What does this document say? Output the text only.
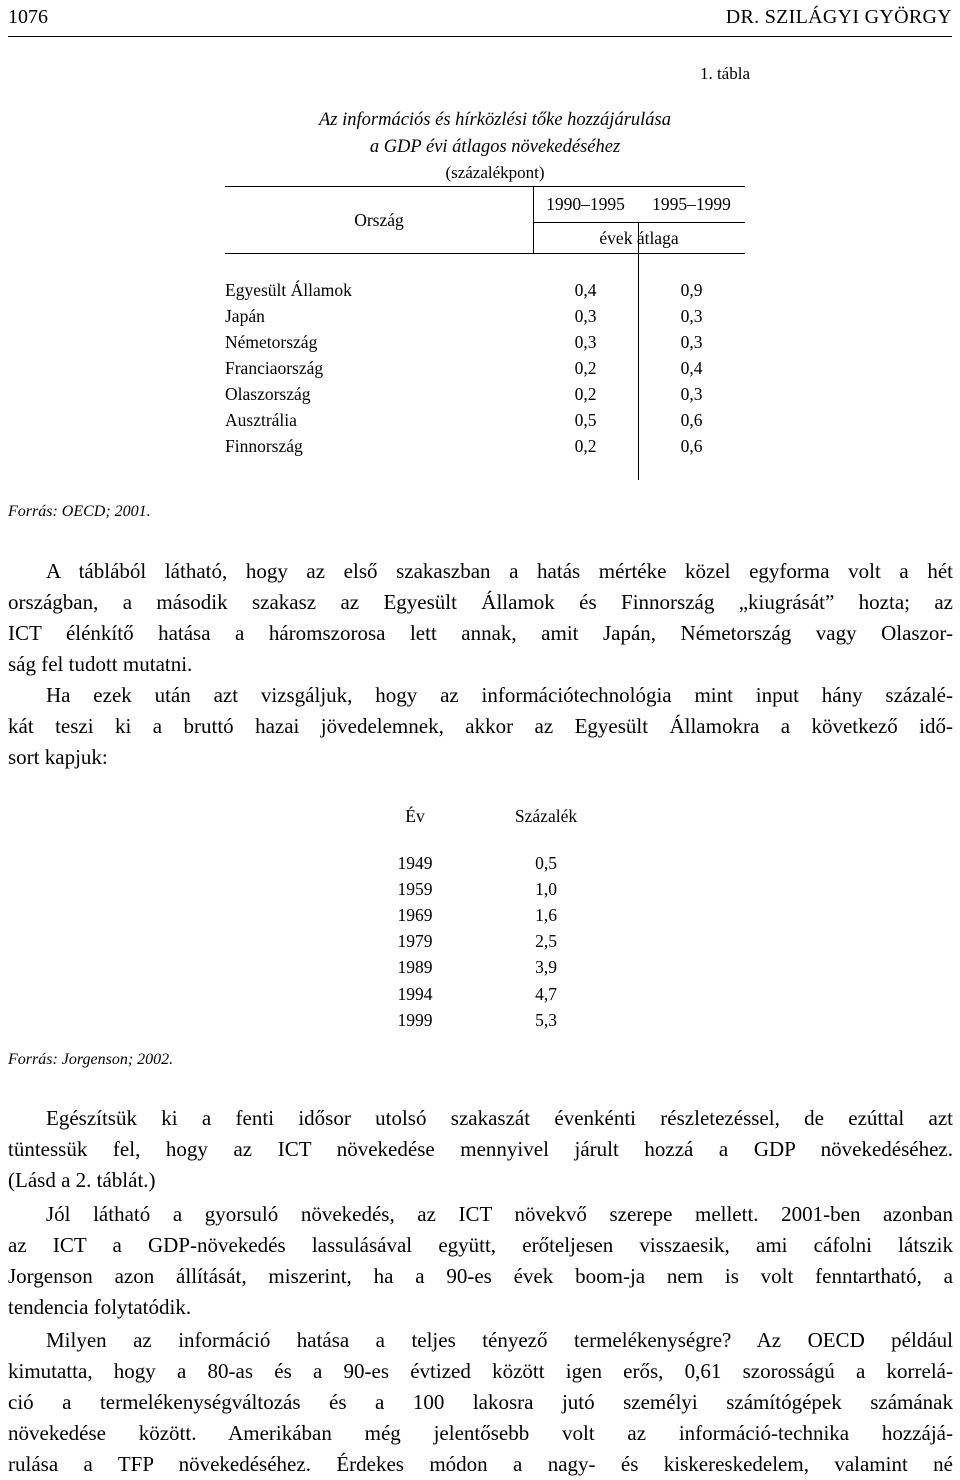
1076	DR. SZILÁGYI GYÖRGY
1. tábla
Az információs és hírközlési tőke hozzájárulása
a GDP évi átlagos növekedéséhez
(százalékpont)
Ország
1990–1995	1995–1999
évek átlaga
Egyesült Államok	0,4	0,9
Japán	0,3	0,3
Németország	0,3	0,3
Franciaország	0,2	0,4
Olaszország	0,2	0,3
Ausztrália	0,5	0,6
Finnország	0,2	0,6
Forrás: OECD; 2001.
A táblából látható, hogy az első szakaszban a hatás mértéke közel egyforma volt a hét
országban, a második szakasz az Egyesült Államok és Finnország „kiugrását” hozta; az
ICT élénkítő hatása a háromszorosa lett annak, amit Japán, Németország vagy Olaszor-
ság fel tudott mutatni.
Ha ezek után azt vizsgáljuk, hogy az információtechnológia mint input hány százalé-
kát teszi ki a bruttó hazai jövedelemnek, akkor az Egyesült Államokra a következő idő-
sort kapjuk:
Év	Százalék
1949	0,5
1959	1,0
1969	1,6
1979	2,5
1989	3,9
1994	4,7
1999	5,3
Forrás: Jorgenson; 2002.
Egészítsük ki a fenti idősor utolsó szakaszát évenkénti részletezéssel, de ezúttal azt
tüntessük fel, hogy az ICT növekedése mennyivel járult hozzá a GDP növekedéséhez.
(Lásd a 2. táblát.)
Jól látható a gyorsuló növekedés, az ICT növekvő szerepe mellett. 2001-ben azonban
az ICT a GDP-növekedés lassulásával együtt, erőteljesen visszaesik, ami cáfolni látszik
Jorgenson azon állítását, miszerint, ha a 90-es évek boom-ja nem is volt fenntartható, a
tendencia folytatódik.
Milyen az információ hatása a teljes tényező termelékenységre? Az OECD például
kimutatta, hogy a 80-as és a 90-es évtized között igen erős, 0,61 szorosságú a korrelá-
ció a termelékenységváltozás és a 100 lakosra jutó személyi számítógépek számának
növekedése között. Amerikában még jelentősebb volt az információ-technika hozzájá-
rulása a TFP növekedéséhez. Érdekes módon a nagy- és kiskereskedelem, valamint né
